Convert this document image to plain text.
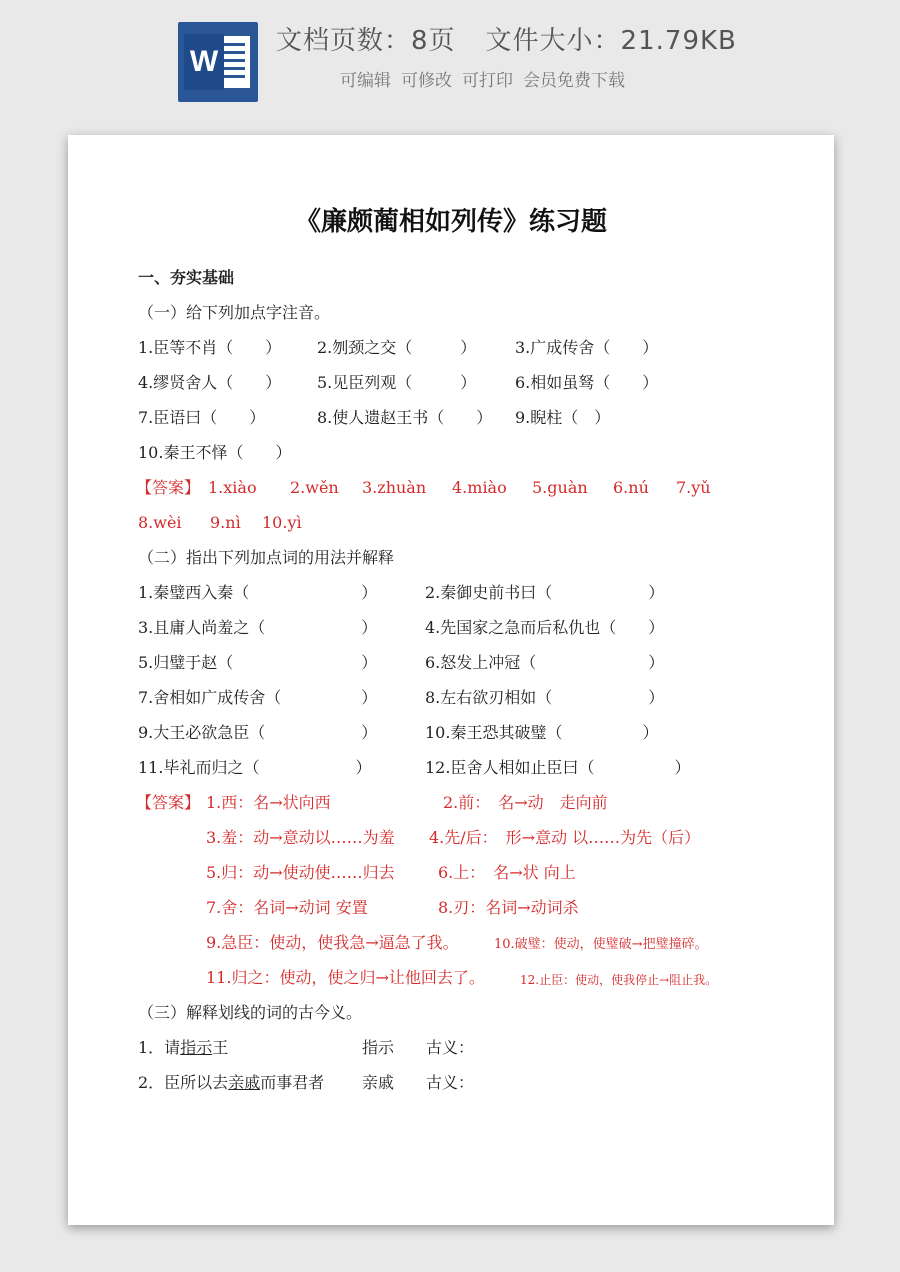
W
文档页数：8页 文件大小：21.79KB
可编辑 可修改 可打印 会员免费下载
《廉颇蔺相如列传》练习题
一、夯实基础
（一）给下列加点字注音。
1.臣等不肖（　　） 2.刎颈之交（　　　） 3.广成传舍（　　）
4.缪贤舍人（　　） 5.见臣列观（　　　） 6.相如虽驽（　　）
7.臣语曰（　　）	8.使人遗赵王书（　　） 9.睨柱（　）
10.秦王不怿（　　）
【答案】 1.xiào 2.wěn 3.zhuàn 4.miào 5.guàn 6.nú 7.yǔ
8.wèi 9.nì 10.yì
（二）指出下列加点词的用法并解释
1.秦璧西入秦（　　　　　　　）	2.秦御史前书曰（　　　　　　）
3.且庸人尚羞之（　　　　　　）	4.先国家之急而后私仇也（　　）
5.归璧于赵（　　　　　　　　）	6.怒发上冲冠（　　　　　　　）
7.舍相如广成传舍（　　　　　）	8.左右欲刃相如（　　　　　　）
9.大王必欲急臣（　　　　　　）	10.秦王恐其破璧（　　　　　）
11.毕礼而归之（　　　　　　）	12.臣舍人相如止臣曰（　　　　　）
【答案】 1.西：名→状向西	2.前：　名→动　走向前
3.羞：动→意动以……为羞 4.先/后：　形→意动 以……为先（后）
5.归：动→使动使……归去	6.上：　名→状 向上
7.舍：名词→动词 安置	8.刃：名词→动词杀
9.急臣：使动，使我急→逼急了我。	10.破璧：使动，使璧破→把璧撞碎。
11.归之：使动，使之归→让他回去了。	12.止臣：使动，使我停止→阻止我。
（三）解释划线的词的古今义。
1．请指示王	指示 古义：
2．臣所以去亲戚而事君者 亲戚 古义：
